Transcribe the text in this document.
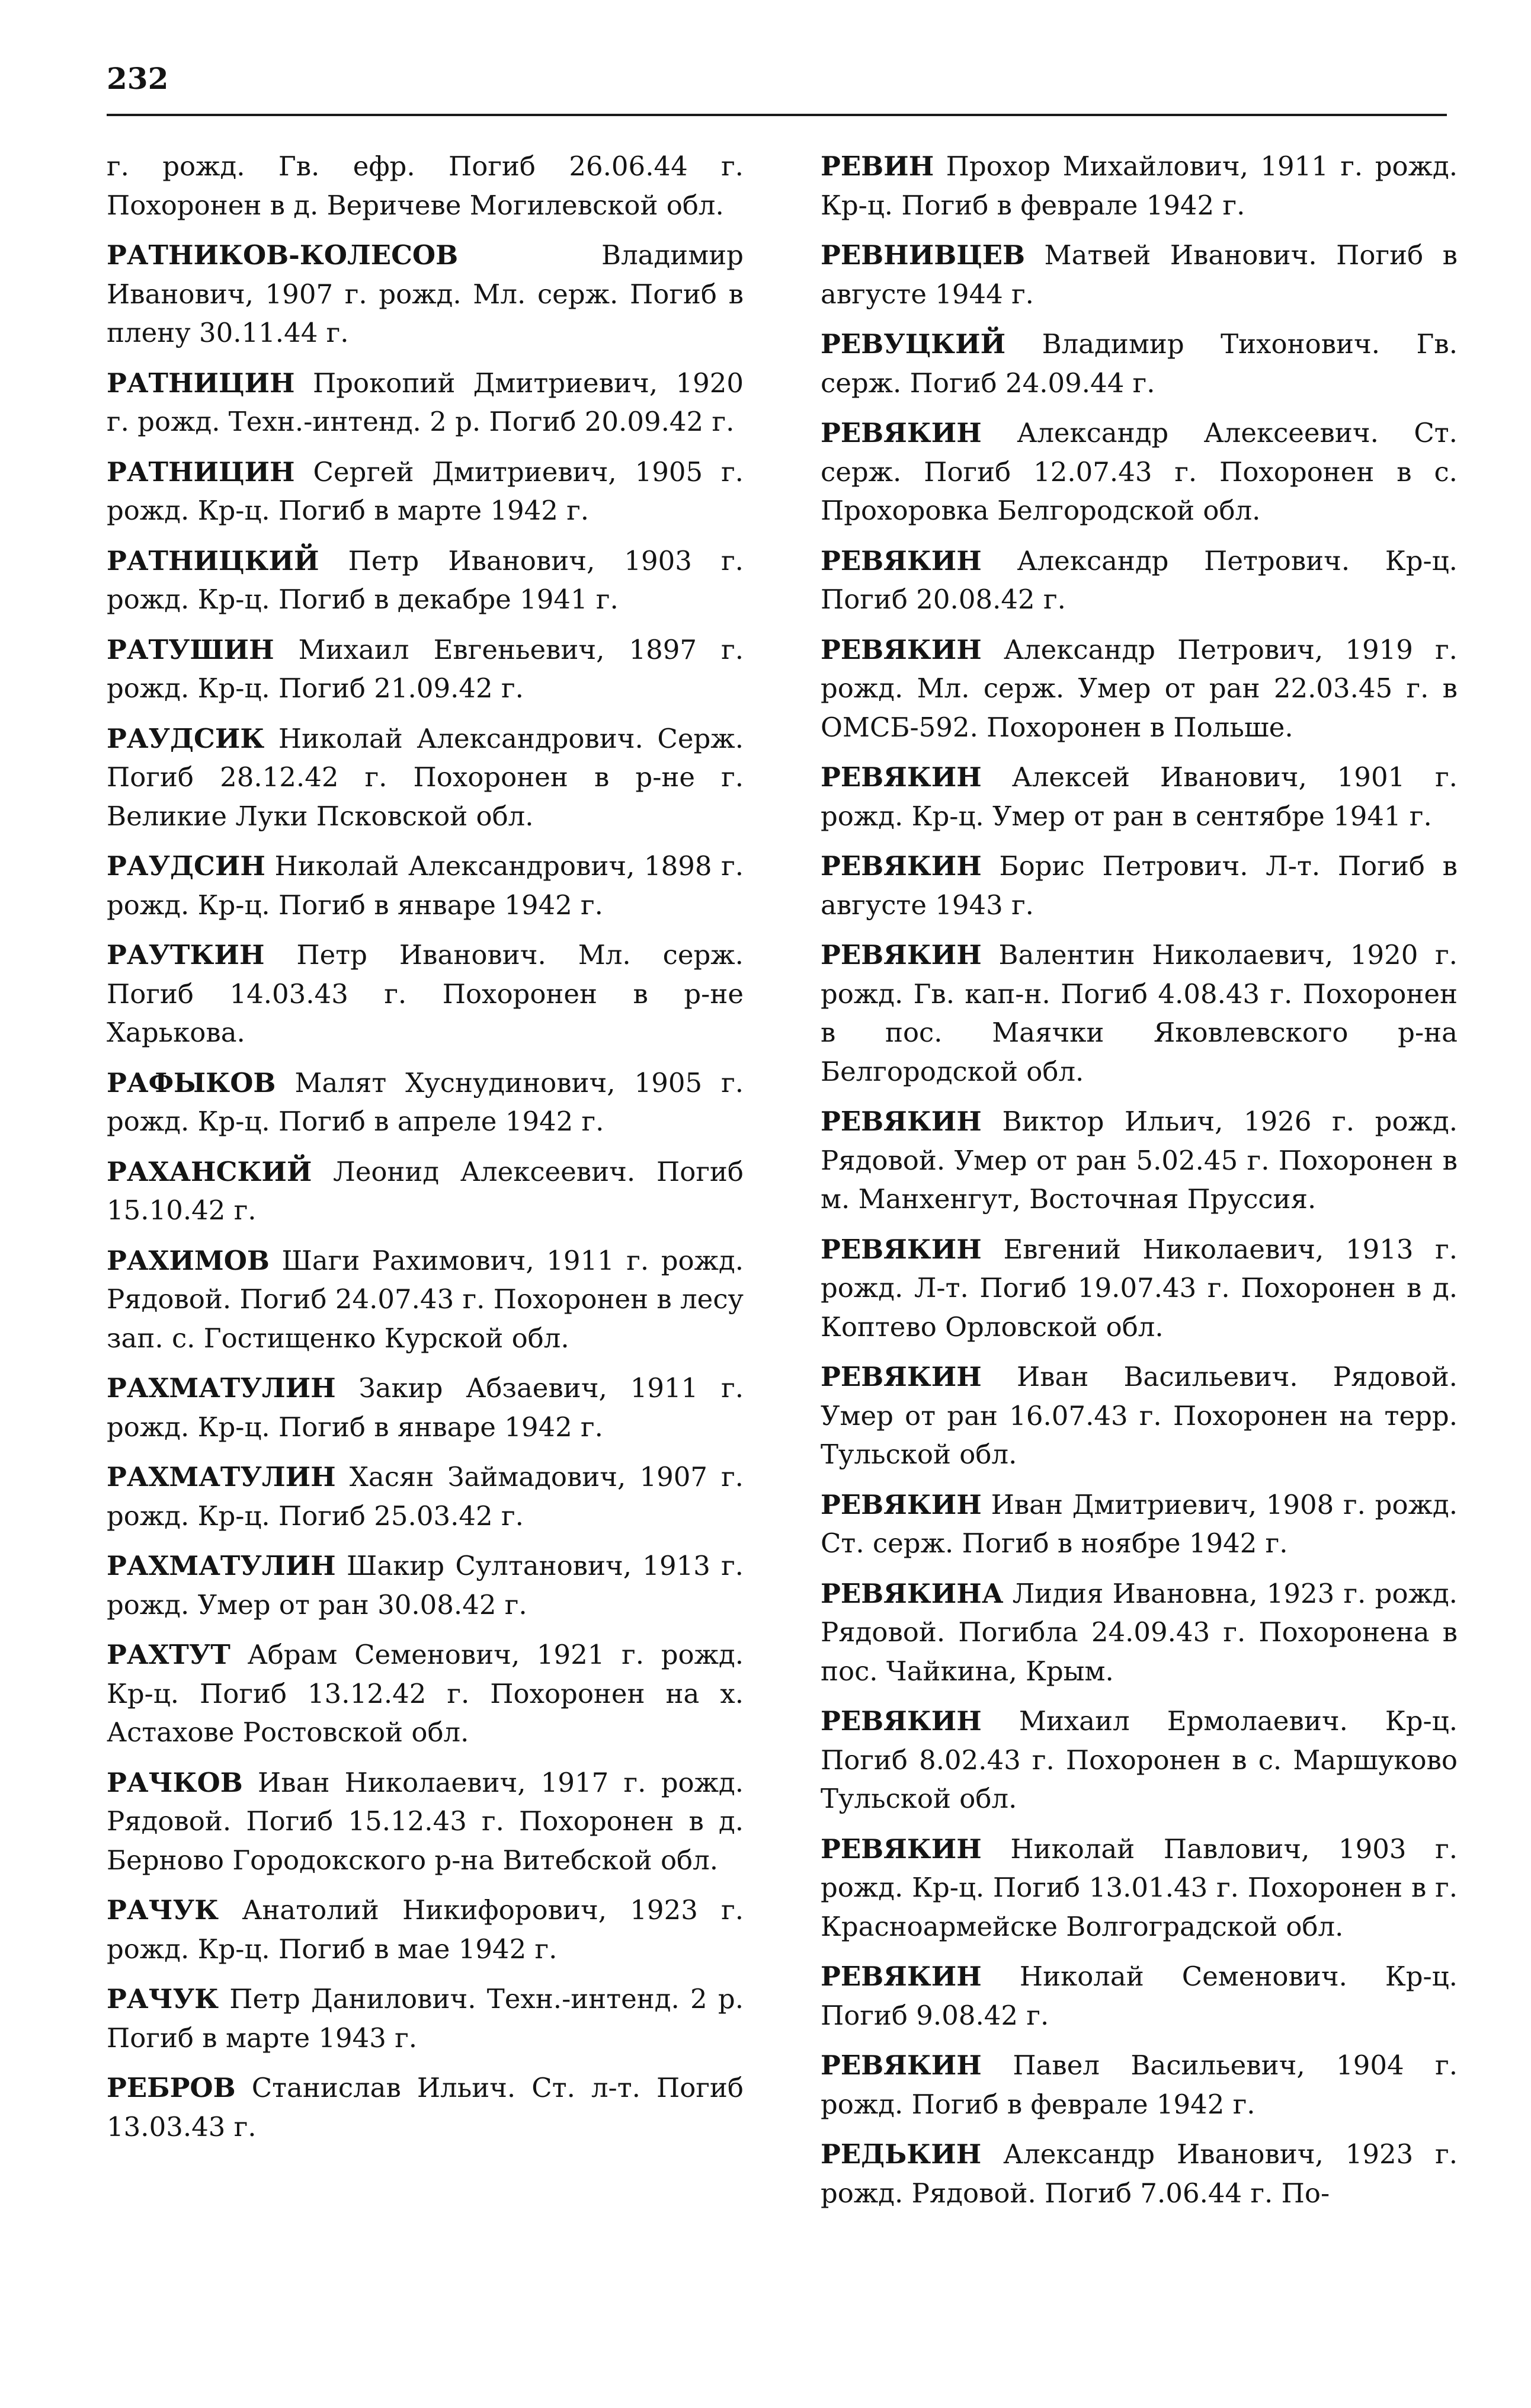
232

г. рожд. Гв. ефр. Погиб 26.06.44 г. Похоронен в д. Веричеве Могилевской обл.

РАТНИКОВ-КОЛЕСОВ Владимир Иванович, 1907 г. рожд. Мл. серж. Погиб в плену 30.11.44 г.

РАТНИЦИН Прокопий Дмитриевич, 1920 г. рожд. Техн.-интенд. 2 р. Погиб 20.09.42 г.

РАТНИЦИН Сергей Дмитриевич, 1905 г. рожд. Кр-ц. Погиб в марте 1942 г.

РАТНИЦКИЙ Петр Иванович, 1903 г. рожд. Кр-ц. Погиб в декабре 1941 г.

РАТУШИН Михаил Евгеньевич, 1897 г. рожд. Кр-ц. Погиб 21.09.42 г.

РАУДСИК Николай Александрович. Серж. Погиб 28.12.42 г. Похоронен в р-не г. Великие Луки Псковской обл.

РАУДСИН Николай Александрович, 1898 г. рожд. Кр-ц. Погиб в январе 1942 г.

РАУТКИН Петр Иванович. Мл. серж. Погиб 14.03.43 г. Похоронен в р-не Харькова.

РАФЫКОВ Малят Хуснудинович, 1905 г. рожд. Кр-ц. Погиб в апреле 1942 г.

РАХАНСКИЙ Леонид Алексеевич. Погиб 15.10.42 г.

РАХИМОВ Шаги Рахимович, 1911 г. рожд. Рядовой. Погиб 24.07.43 г. Похоронен в лесу зап. с. Гостищенко Курской обл.

РАХМАТУЛИН Закир Абзаевич, 1911 г. рожд. Кр-ц. Погиб в январе 1942 г.

РАХМАТУЛИН Хасян Займадович, 1907 г. рожд. Кр-ц. Погиб 25.03.42 г.

РАХМАТУЛИН Шакир Султанович, 1913 г. рожд. Умер от ран 30.08.42 г.

РАХТУТ Абрам Семенович, 1921 г. рожд. Кр-ц. Погиб 13.12.42 г. Похоронен на х. Астахове Ростовской обл.

РАЧКОВ Иван Николаевич, 1917 г. рожд. Рядовой. Погиб 15.12.43 г. Похоронен в д. Берново Городокского р-на Витебской обл.

РАЧУК Анатолий Никифорович, 1923 г. рожд. Кр-ц. Погиб в мае 1942 г.

РАЧУК Петр Данилович. Техн.-интенд. 2 р. Погиб в марте 1943 г.

РЕБРОВ Станислав Ильич. Ст. л-т. Погиб 13.03.43 г.

РЕВИН Прохор Михайлович, 1911 г. рожд. Кр-ц. Погиб в феврале 1942 г.

РЕВНИВЦЕВ Матвей Иванович. Погиб в августе 1944 г.

РЕВУЦКИЙ Владимир Тихонович. Гв. серж. Погиб 24.09.44 г.

РЕВЯКИН Александр Алексеевич. Ст. серж. Погиб 12.07.43 г. Похоронен в с. Прохоровка Белгородской обл.

РЕВЯКИН Александр Петрович. Кр-ц. Погиб 20.08.42 г.

РЕВЯКИН Александр Петрович, 1919 г. рожд. Мл. серж. Умер от ран 22.03.45 г. в ОМСБ-592. Похоронен в Польше.

РЕВЯКИН Алексей Иванович, 1901 г. рожд. Кр-ц. Умер от ран в сентябре 1941 г.

РЕВЯКИН Борис Петрович. Л-т. Погиб в августе 1943 г.

РЕВЯКИН Валентин Николаевич, 1920 г. рожд. Гв. кап-н. Погиб 4.08.43 г. Похоронен в пос. Маячки Яковлевского р-на Белгородской обл.

РЕВЯКИН Виктор Ильич, 1926 г. рожд. Рядовой. Умер от ран 5.02.45 г. Похоронен в м. Манхенгут, Восточная Пруссия.

РЕВЯКИН Евгений Николаевич, 1913 г. рожд. Л-т. Погиб 19.07.43 г. Похоронен в д. Коптево Орловской обл.

РЕВЯКИН Иван Васильевич. Рядовой. Умер от ран 16.07.43 г. Похоронен на терр. Тульской обл.

РЕВЯКИН Иван Дмитриевич, 1908 г. рожд. Ст. серж. Погиб в ноябре 1942 г.

РЕВЯКИНА Лидия Ивановна, 1923 г. рожд. Рядовой. Погибла 24.09.43 г. Похоронена в пос. Чайкина, Крым.

РЕВЯКИН Михаил Ермолаевич. Кр-ц. Погиб 8.02.43 г. Похоронен в с. Маршуково Тульской обл.

РЕВЯКИН Николай Павлович, 1903 г. рожд. Кр-ц. Погиб 13.01.43 г. Похоронен в г. Красноармейске Волгоградской обл.

РЕВЯКИН Николай Семенович. Кр-ц. Погиб 9.08.42 г.

РЕВЯКИН Павел Васильевич, 1904 г. рожд. Погиб в феврале 1942 г.

РЕДЬКИН Александр Иванович, 1923 г. рожд. Рядовой. Погиб 7.06.44 г. По-
